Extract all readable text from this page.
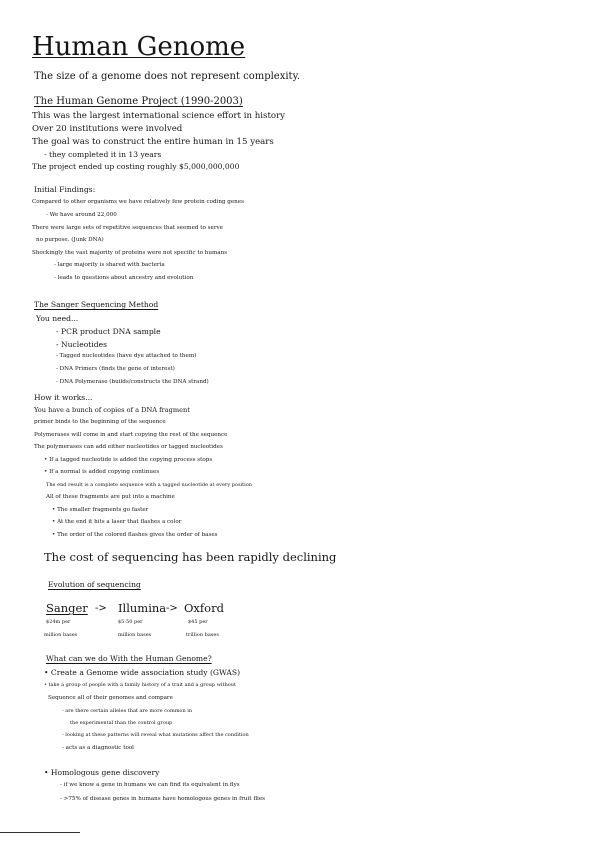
Human Genome
The size of a genome does not represent complexity.
The Human Genome Project (1990-2003)
This was the largest international science effort in history
Over 20 institutions were involved
The goal was to construct the entire human in 15 years
- they completed it in 13 years
The project ended up costing roughly $5,000,000,000
Initial Findings:
Compared to other organisms we have relatively few protein coding genes
- We have around 22,000
There were large sets of repetitive sequences that seemed to serve
no purpose. (Junk DNA)
Shockingly the vast majority of proteins were not specific to humans
- large majority is shared with bacteria
- leads to questions about ancestry and evolution
The Sanger Sequencing Method
You need...
- PCR product DNA sample
- Nucleotides
- Tagged nucleotides (have dye attached to them)
- DNA Primers (finds the gene of interest)
- DNA Polymerase (builds/constructs the DNA strand)
How it works...
You have a bunch of copies of a DNA fragment
primer binds to the beginning of the sequence
Polymerases will come in and start copying the rest of the sequence
The polymerases can add either nucleotides or tagged nucleotides
• If a tagged nucleotide is added the copying process stops
• If a normal is added copying continues
The end result is a complete sequence with a tagged nucleotide at every position
All of these fragments are put into a machine
• The smaller fragments go faster
• At the end it hits a laser that flashes a color
• The order of the colored flashes gives the order of bases
The cost of sequencing has been rapidly declining
Evolution of sequencing
Sanger -> Illumina -> Oxford
$24m per	$5-50 per	$45 per
million bases	million bases	trillion bases
What can we do With the Human Genome?
• Create a Genome wide association study (GWAS)
• take a group of people with a family history of a trait and a group without
Sequence all of their genomes and compare
- are there certain alleles that are more common in
the experimental than the control group
- looking at these patterns will reveal what mutations affect the condition
- acts as a diagnostic tool
• Homologous gene discovery
- if we know a gene in humans we can find its equivalent in flys
- >75% of disease genes in humans have homologous genes in fruit flies
